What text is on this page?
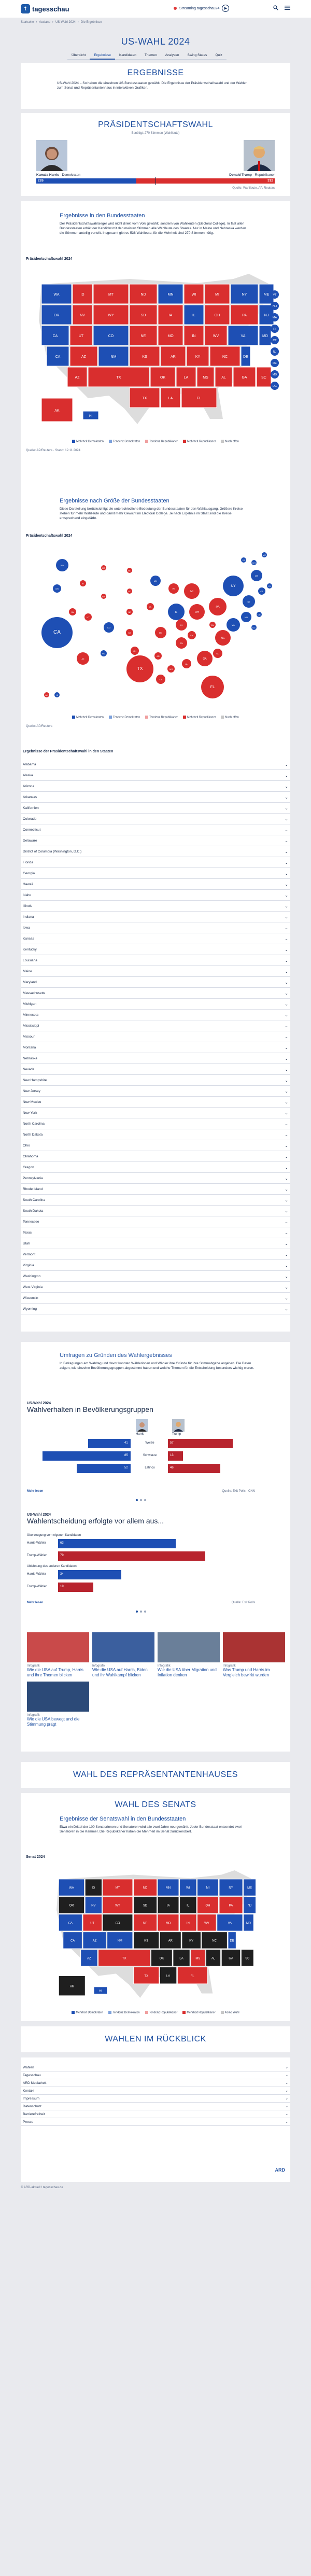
t tagesschau	Streaming tagesschau24	▶
Startseite › Ausland › US-Wahl 2024 › Die Ergebnisse
US-WAHL 2024
Übersicht	Ergebnisse	Kandidaten	Themen	Analysen	Swing States	Quiz
ERGEBNISSE
US-Wahl 2024 – So haben die einzelnen US-Bundesstaaten gewählt. Die Ergebnisse der Präsidentschaftswahl und der Wahlen zum Senat und Repräsentantenhaus in interaktiven Grafiken.
PRÄSIDENTSCHAFTSWAHL
Benötigt: 270 Stimmen (Wahlleute)
Kamala Harris · Demokraten	Donald Trump · Republikaner
226	312
Quelle: Wahlleute, AP, Reuters
Ergebnisse in den Bundesstaaten
Der Präsidentschaftswahlsieger wird nicht direkt vom Volk gewählt, sondern von Wahlleuten (Electoral College). In fast allen Bundesstaaten erhält der Kandidat mit den meisten Stimmen alle Wahlleute des Staates. Nur in Maine und Nebraska werden die Stimmen anteilig verteilt. Insgesamt gibt es 538 Wahlleute, für die Mehrheit sind 270 Stimmen nötig.
Präsidentschaftswahl 2024
WA	ID	MT	ND	MN	WI	MI	NY	ME
OR	NV	WY	SD	IA	IL	OH	PA	NJ
CA	UT	CO	NE	MO	IN	WV	VA	MD
CA	AZ	NM	KS	AR	KY	NC	DE
AZ	TX	OK	LA	MS	AL	GA	SC
TX	LA	FL
AK
HI
VT
NH
MA
RI
CT
NJ
DE
MD
DC
Mehrheit Demokraten	Tendenz Demokraten	Tendenz Republikaner	Mehrheit Republikaner	Noch offen
Quelle: AP/Reuters · Stand: 12.11.2024
Ergebnisse nach Größe der Bundesstaaten
Diese Darstellung berücksichtigt die unterschiedliche Bedeutung der Bundesstaaten für den Wahlausgang. Größere Kreise stehen für mehr Wahlleute und damit mehr Gewicht im Electoral College. Je nach Ergebnis im Staat sind die Kreise entsprechend eingefärbt.
Präsidentschaftswahl 2024
CA
TX
FL
NY
PA
IL	OH
GA
NC
MI
NJ
VA
WA
AZ
TN
IN
MA
MO
MD
WI
MN
CO
SC
AL
LA
KY
OR
OK
CT
UT
IA
NV
AR
MS
KS
NM
NE
ID
WV
HI
NH
ME
RI
MT
DE
SD
ND
AK
DC
VT
WY
Mehrheit Demokraten	Tendenz Demokraten	Tendenz Republikaner	Mehrheit Republikaner	Noch offen
Quelle: AP/Reuters
Ergebnisse der Präsidentschaftswahl in den Staaten
Alabama	⌄
Alaska	⌄
Arizona	⌄
Arkansas	⌄
Kalifornien	⌄
Colorado	⌄
Connecticut	⌄
Delaware	⌄
District of Columbia (Washington, D.C.)	⌄
Florida	⌄
Georgia	⌄
Hawaii	⌄
Idaho	⌄
Illinois	⌄
Indiana	⌄
Iowa	⌄
Kansas	⌄
Kentucky	⌄
Louisiana	⌄
Maine	⌄
Maryland	⌄
Massachusetts	⌄
Michigan	⌄
Minnesota	⌄
Mississippi	⌄
Missouri	⌄
Montana	⌄
Nebraska	⌄
Nevada	⌄
New Hampshire	⌄
New Jersey	⌄
New Mexico	⌄
New York	⌄
North Carolina	⌄
North Dakota	⌄
Ohio	⌄
Oklahoma	⌄
Oregon	⌄
Pennsylvania	⌄
Rhode Island	⌄
South Carolina	⌄
South Dakota	⌄
Tennessee	⌄
Texas	⌄
Utah	⌄
Vermont	⌄
Virginia	⌄
Washington	⌄
West Virginia	⌄
Wisconsin	⌄
Wyoming	⌄
Umfragen zu Gründen des Wahlergebnisses
In Befragungen am Wahltag und davor konnten Wählerinnen und Wähler ihre Gründe für ihre Stimmabgabe angeben. Die Daten zeigen, wie einzelne Bevölkerungsgruppen abgestimmt haben und welche Themen für die Entscheidung besonders wichtig waren.
US-Wahl 2024
Wahlverhalten in Bevölkerungsgruppen
Harris	Trump
Weiße
41	57
Schwarze
85	13
Latinos
52	46
Mehr lesen	Quelle: Exit Polls · CNN
US-Wahl 2024
Wahlentscheidung erfolgte vor allem aus...
Überzeugung vom eigenen Kandidaten
Harris-Wähler	63
Trump-Wähler	79
Ablehnung des anderen Kandidaten
Harris-Wähler	34
Trump-Wähler	19
Mehr lesen	Quelle: Exit Polls
Infografik
Wie die USA auf Trump, Harris und ihre Themen blicken
Infografik
Wie die USA auf Harris, Biden und ihr Wahlkampf blicken
Infografik
Wie die USA über Migration und Inflation denken
Infografik
Was Trump und Harris im Vergleich bewirkt wurden
Infografik
Wie die USA bewegt und die Stimmung prägt
WAHL DES REPRÄSENTANTENHAUSES
WAHL DES SENATS
Ergebnisse der Senatswahl in den Bundesstaaten
Etwa ein Drittel der 100 Senatorinnen und Senatoren wird alle zwei Jahre neu gewählt. Jeder Bundesstaat entsendet zwei Senatoren in die Kammer. Die Republikaner haben die Mehrheit im Senat zurückerobert.
Senat 2024
WA	ID	MT	ND	MN	WI	MI	NY	ME
OR	NV	WY	SD	IA	IL	OH	PA	NJ
CA	UT	CO	NE	MO	IN	WV	VA	MD
CA	AZ	NM	KS	AR	KY	NC	DE
AZ	TX	OK	LA	MS	AL	GA	SC
TX	LA	FL
AK
HI
Mehrheit Demokraten	Tendenz Demokraten	Tendenz Republikaner	Mehrheit Republikaner	Keine Wahl
WAHLEN IM RÜCKBLICK
Wahlen	⌄
Tagesschau	⌄
ARD Mediathek	⌄
Kontakt	⌄
Impressum	⌄
Datenschutz	⌄
Barrierefreiheit	⌄
Presse	⌄
ARD
© ARD-aktuell / tagesschau.de
